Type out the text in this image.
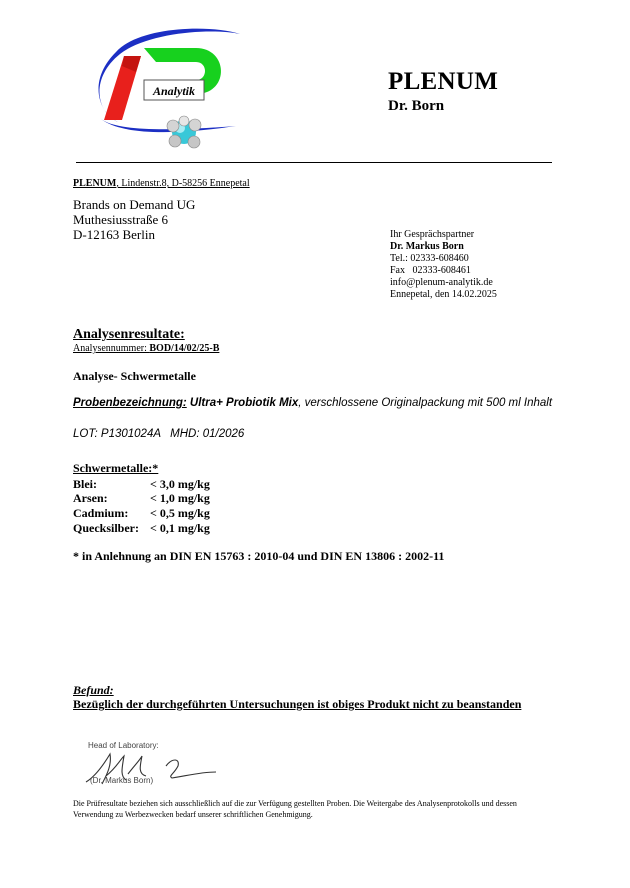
Analytik	PLENUM
Dr. Born
PLENUM, Lindenstr.8, D-58256 Ennepetal
Brands on Demand UG
Muthesiusstraße 6
D-12163 Berlin	Ihr Gesprächspartner
Dr. Markus Born
Tel.: 02333-608460
Fax   02333-608461
info@plenum-analytik.de
Ennepetal, den 14.02.2025
Analysenresultate:
Analysennummer: BOD/14/02/25-B
Analyse- Schwermetalle
Probenbezeichnung: Ultra+ Probiotik Mix, verschlossene Originalpackung mit 500 ml Inhalt
LOT: P1301024A   MHD: 01/2026
Schwermetalle:*
Blei:	< 3,0 mg/kg
Arsen:	< 1,0 mg/kg
Cadmium: < 0,5 mg/kg
Quecksilber: < 0,1 mg/kg
* in Anlehnung an DIN EN 15763 : 2010-04 und DIN EN 13806 : 2002-11
Befund:
Bezüglich der durchgeführten Untersuchungen ist obiges Produkt nicht zu beanstanden
Head of Laboratory:
(Dr. Markus Born)
Die Prüfresultate beziehen sich ausschließlich auf die zur Verfügung gestellten Proben. Die Weitergabe des Analysenprotokolls und dessen Verwendung zu Werbezwecken bedarf unserer schriftlichen Genehmigung.
